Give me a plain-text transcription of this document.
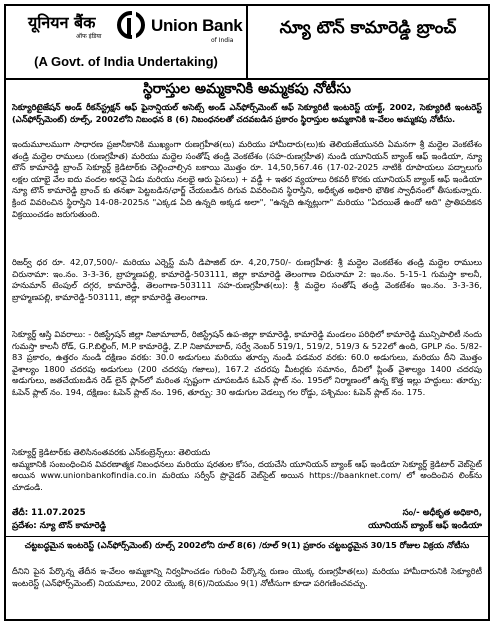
यूनियन बैंक
ऑफ इंडिया
Union Bank
of India
(A Govt. of India Undertaking)
న్యూ టౌన్ కామారెడ్డి బ్రాంచ్
స్థిరాస్తుల అమ్మకానికి అమ్మకపు నోటీసు
సెక్యూరిటైజేషన్ అండ్ రీకన్‌స్ట్రక్షన్ ఆఫ్ ఫైనాన్షియల్ అసెట్స్ అండ్ ఎన్‌ఫోర్స్‌మెంట్ ఆఫ్ సెక్యూరిటీ ఇంటరెస్ట్ యాక్ట్, 2002, సెక్యూరిటీ ఇంటరెస్ట్ (ఎన్‌ఫోర్స్‌మెంట్) రూల్స్, 2002లోని నిబంధన 8 (6) నిబంధనలతో చదవబడిన ప్రకారం స్థిరాస్తుల అమ్మకానికి ఇ-వేలం అమ్మకపు నోటీసు.
ఇందుమూలముగా సాధారణ ప్రజానీకానికి ముఖ్యంగా రుణగ్రహీత(లు) మరియు హామీదారు(లు)కు తెలియజేయునది ఏమనగా శ్రీ మద్దెల వెంకటేశం తండ్రి మద్దెల రాములు (రుణగ్రహీత) మరియు మద్దెల సంతోష్ తండ్రి వెంకటేశం (సహ-రుణగ్రహీత) నుండి యూనియన్ బ్యాంక్ ఆఫ్ ఇండియా, న్యూ టౌన్ కామారెడ్డి బ్రాంచ్ సెక్యూర్డ్ క్రెడిటార్‌కు చెల్లించాల్సిన బకాయి మొత్తం రూ. 14,50,567.46 (17-02-2025 నాటికి రూపాయలు పద్నాలుగు లక్షల యాభై వేల ఐదు వందల అరవై ఏడు మరియు నలభై ఆరు పైసలు) + వడ్డీ + ఇతర వ్యయాలు రికవరీ కొరకు యూనియన్ బ్యాంక్ ఆఫ్ ఇండియా న్యూ టౌన్ కామారెడ్డి బ్రాంచ్ కు తనఖా పెట్టబడిన/ఛార్జ్ చేయబడిన దిగువ వివరించిన స్థిరాస్తిని, అధీకృత అధికారి భౌతిక స్వాధీనంలో తీసుకున్నారు. క్రింద వివరించిన స్థిరాస్తిని 14-08-2025న "ఎక్కడ ఏది ఉన్నది అక్కడ అలా", "ఉన్నది ఉన్నట్లుగా" మరియు "ఏదయితే ఉందో అది" ప్రాతిపదికన విక్రయించడం జరుగుతుంది.
రిజర్వ్ ధర రూ. 42,07,500/- మరియు ఎర్నెస్ట్ మనీ డిపాజిట్ రూ. 4,20,750/- రుణగ్రహీత: శ్రీ మద్దెల వెంకటేశం తండ్రి మద్దెల రాములు చిరునామా: ఇం.నం. 3-3-36, బ్రాహ్మణపల్లి, కామారెడ్డి-503111, జిల్లా కామారెడ్డి తెలంగాణ చిరునామా 2: ఇం.నం. 5-15-1 గుమస్తా కాలనీ, హనుమాన్ టెంపుల్ దగ్గర, కామారెడ్డి, తెలంగాణ-503111 సహ-రుణగ్రహీత(లు): శ్రీ మద్దెల సంతోష్ తండ్రి వెంకటేశం ఇం.నం. 3-3-36, బ్రాహ్మణపల్లి, కామారెడ్డి-503111, జిల్లా కామారెడ్డి తెలంగాణ.
సెక్యూర్డ్ ఆస్తి వివరాలు: - రిజిస్ట్రేషన్ జిల్లా నిజామాబాద్, రిజిస్ట్రేషన్ ఉప-జిల్లా కామారెడ్డి, కామారెడ్డి మండలం పరిధిలో కామారెడ్డి మున్సిపాలిటీ నందు గుమస్తా కాలనీ రోడ్, G.P.బిల్డింగ్, M.P కామారెడ్డి, Z.P నిజామాబాద్, సర్వే నెంబర్ 519/1, 519/2, 519/3 & 522లో ఉంది, GPLP నం. 5/82-83 ప్రకారం, ఉత్తరం నుండి దక్షిణం వరకు: 30.0 అడుగులు మరియు తూర్పు నుండి పడమర వరకు: 60.0 అడుగులు, మరియు దీని మొత్తం వైశాల్యం 1800 చదరపు అడుగులు (200 చదరపు గజాలు), 167.2 చదరపు మీటర్లకు సమానం, దీనిలో ప్లింత్ వైశాల్యం 1400 చదరపు అడుగులు, జతచేయబడిన రెడ్ లైన్ ప్లాన్‌లో మరింత స్పష్టంగా చూపబడిన ఓపెన్ ప్లాట్ నం. 195లో నిర్మాణంలో ఉన్న కొత్త ఇల్లు హద్దులు: తూర్పు: ఓపెన్ ప్లాట్ నం. 194, దక్షిణం: ఓపెన్ ప్లాట్ నం. 196, తూర్పు: 30 అడుగుల వెడల్పు గల రోడ్డు, పశ్చిమం: ఓపెన్ ప్లాట్ నం. 175.
సెక్యూర్డ్ క్రెడిటార్‌కు తెలిసినంతవరకు ఎన్‌కంబ్రెన్స్‌లు: తెలియదు
అమ్మకానికి సంబంధించిన వివరణాత్మక నిబంధనలు మరియు షరతుల కోసం, దయచేసి యూనియన్ బ్యాంక్ ఆఫ్ ఇండియా సెక్యూర్డ్ క్రెడిటార్ వెబ్‌సైట్ అయిన www.unionbankofindia.co.in మరియు సర్వీస్ ప్రొవైడర్ వెబ్‌సైట్ అయిన https://baanknet.com/ లో అందించిన లింక్‌ను చూడండి.
తేదీ: 11.07.2025	సం/- అధీకృత అధికారి,
ప్రదేశం: న్యూ టౌన్ కామారెడ్డి	యూనియన్ బ్యాంక్ ఆఫ్ ఇండియా
చట్టబద్ధమైన ఇంటరెస్ట్ (ఎన్‌ఫోర్స్‌మెంట్) రూల్స్ 2002లోని రూల్ 8(6) /రూల్ 9(1) ప్రకారం చట్టబద్ధమైన 30/15 రోజుల విక్రయ నోటీసు
దీనిని పైన పేర్కొన్న తేదీన ఇ-వేలం అమ్మకాన్ని నిర్వహించడం గురించి పేర్కొన్న రుణం యొక్క రుణగ్రహీత(లు) మరియు హామీదారునికి సెక్యూరిటీ ఇంటరెస్ట్ (ఎన్‌ఫోర్స్‌మెంట్) నియమాలు, 2002 యొక్క 8(6)/నియమం 9(1) నోటీసుగా కూడా పరిగణించవచ్చు.
